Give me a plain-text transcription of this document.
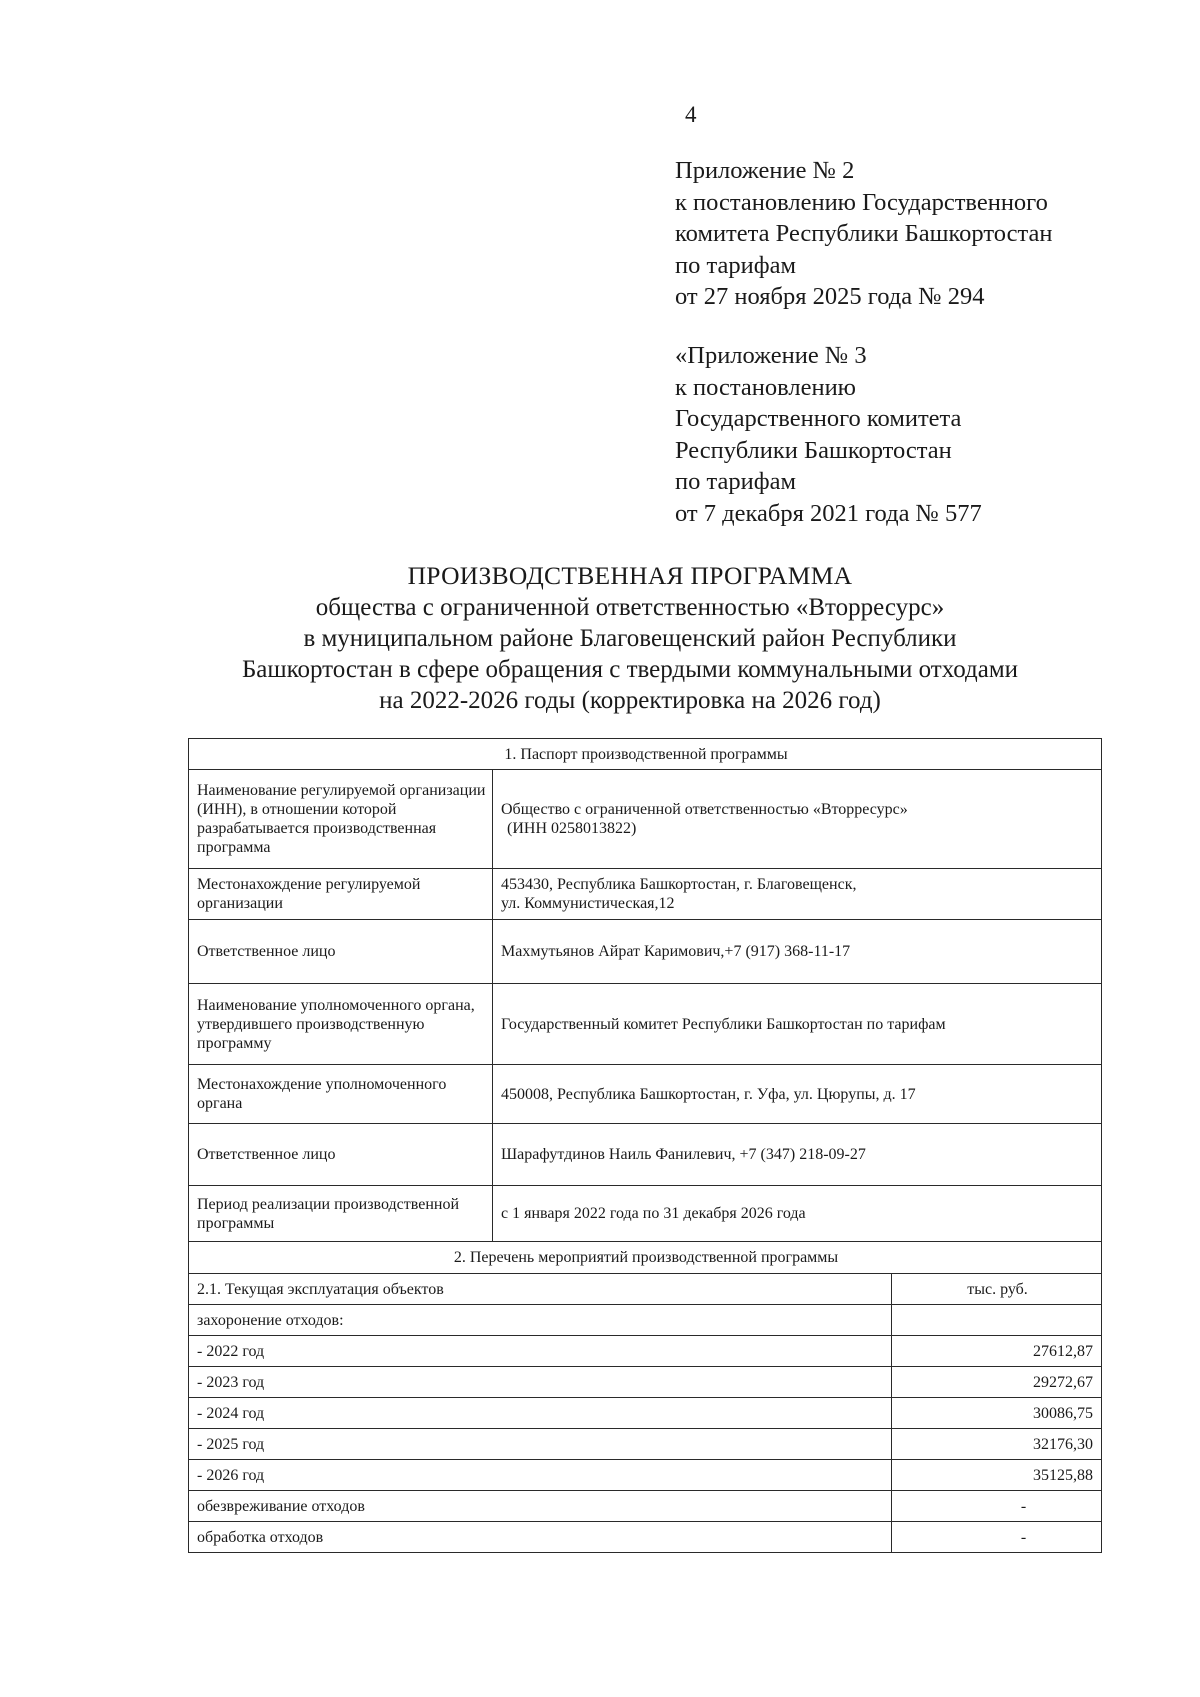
4
Приложение № 2
к постановлению Государственного
комитета Республики Башкортостан
по тарифам
от 27 ноября 2025 года № 294
«Приложение № 3
к постановлению
Государственного комитета
Республики Башкортостан
по тарифам
от 7 декабря 2021 года № 577
ПРОИЗВОДСТВЕННАЯ ПРОГРАММА
общества с ограниченной ответственностью «Вторресурс»
в муниципальном районе Благовещенский район Республики
Башкортостан в сфере обращения с твердыми коммунальными отходами
на 2022-2026 годы (корректировка на 2026 год)
1. Паспорт производственной программы		
Наименование регулируемой организации (ИНН), в отношении которой разрабатывается производственная программа	Общество с ограниченной ответственностью «Вторресурс»
(ИНН 0258013822)	

Местонахождение регулируемой организации	453430, Республика Башкортостан, г. Благовещенск,
ул. Коммунистическая,12	

Ответственное лицо	Махмутьянов Айрат Каримович,+7 (917) 368-11-17	
Наименование уполномоченного органа, утвердившего производственную программу	Государственный комитет Республики Башкортостан по тарифам	
Местонахождение уполномоченного органа	450008, Республика Башкортостан, г. Уфа, ул. Цюрупы, д. 17	
Ответственное лицо	Шарафутдинов Наиль Фанилевич, +7 (347) 218-09-27	
Период реализации производственной программы	с 1 января 2022 года по 31 декабря 2026 года	
2. Перечень мероприятий производственной программы		
2.1. Текущая эксплуатация объектов		тыс. руб.
захоронение отходов:		
- 2022 год		27612,87
- 2023 год		29272,67
- 2024 год		30086,75
- 2025 год		32176,30
- 2026 год		35125,88
обезвреживание отходов		-
обработка отходов		-
